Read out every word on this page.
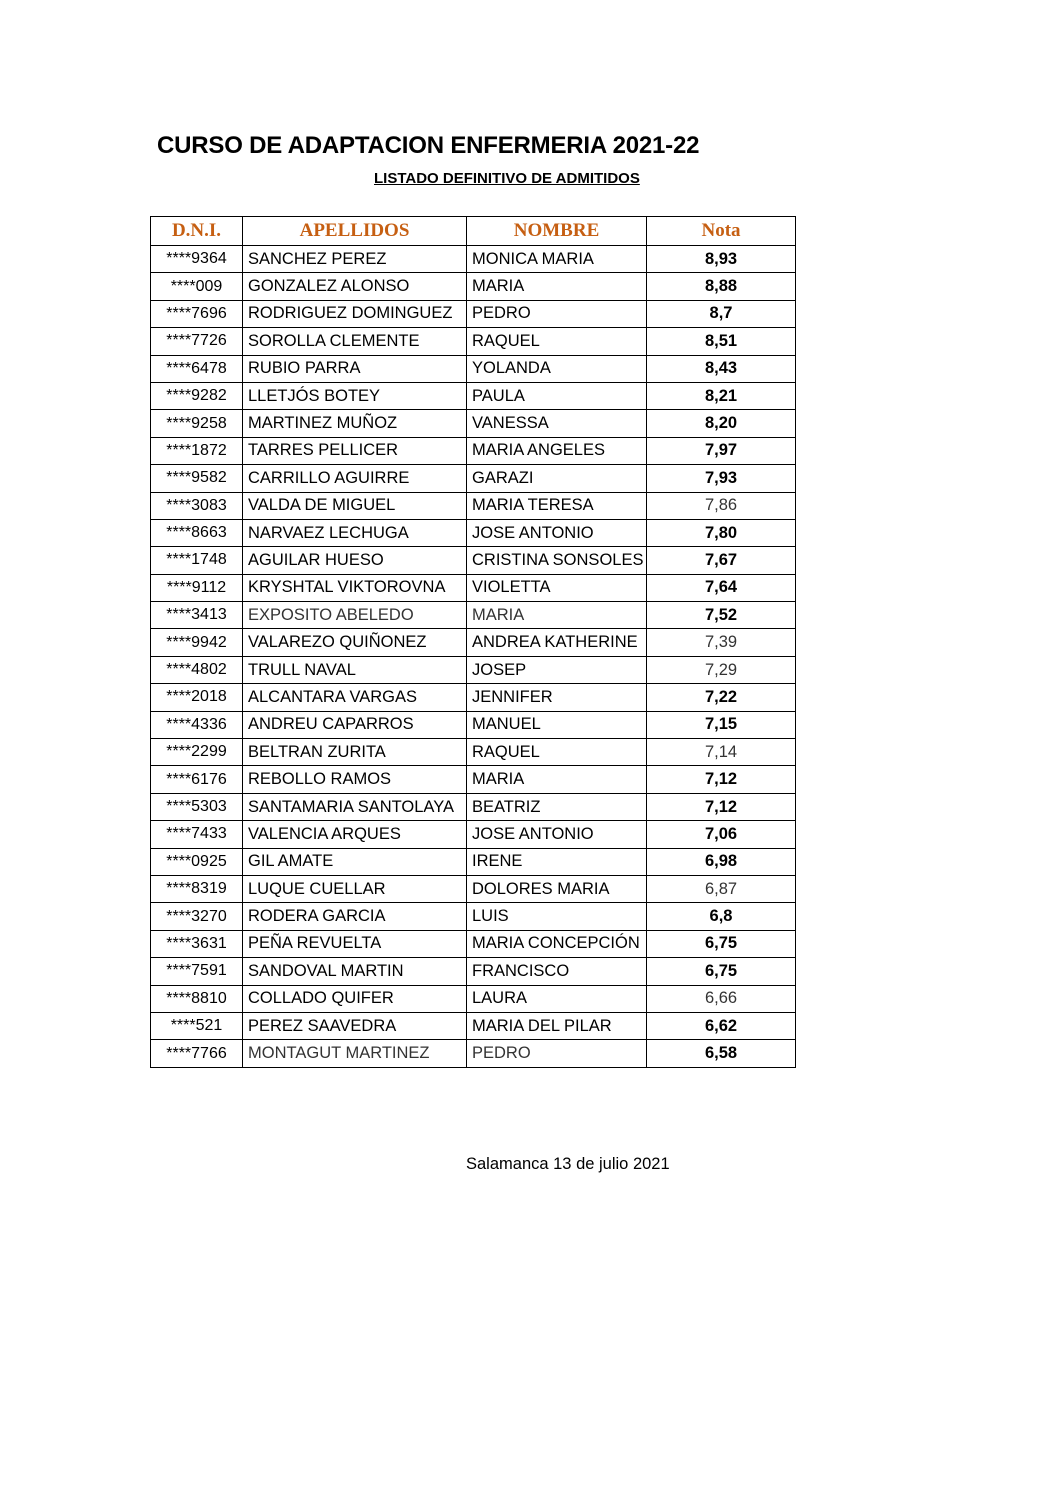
CURSO DE ADAPTACION ENFERMERIA 2021-22
LISTADO DEFINITIVO DE ADMITIDOS
D.N.I.	APELLIDOS	NOMBRE	Nota
****9364	SANCHEZ PEREZ	MONICA MARIA	8,93
****009	GONZALEZ ALONSO	MARIA	8,88
****7696	RODRIGUEZ DOMINGUEZ	PEDRO	8,7
****7726	SOROLLA CLEMENTE	RAQUEL	8,51
****6478	RUBIO PARRA	YOLANDA	8,43
****9282	LLETJÓS BOTEY	PAULA	8,21
****9258	MARTINEZ MUÑOZ	VANESSA	8,20
****1872	TARRES PELLICER	MARIA ANGELES	7,97
****9582	CARRILLO AGUIRRE	GARAZI	7,93
****3083	VALDA DE MIGUEL	MARIA TERESA	7,86
****8663	NARVAEZ LECHUGA	JOSE ANTONIO	7,80
****1748	AGUILAR HUESO	CRISTINA SONSOLES	7,67
****9112	KRYSHTAL VIKTOROVNA	VIOLETTA	7,64
****3413	EXPOSITO ABELEDO	MARIA	7,52
****9942	VALAREZO QUIÑONEZ	ANDREA KATHERINE	7,39
****4802	TRULL NAVAL	JOSEP	7,29
****2018	ALCANTARA VARGAS	JENNIFER	7,22
****4336	ANDREU CAPARROS	MANUEL	7,15
****2299	BELTRAN ZURITA	RAQUEL	7,14
****6176	REBOLLO RAMOS	MARIA	7,12
****5303	SANTAMARIA SANTOLAYA	BEATRIZ	7,12
****7433	VALENCIA ARQUES	JOSE ANTONIO	7,06
****0925	GIL AMATE	IRENE	6,98
****8319	LUQUE CUELLAR	DOLORES MARIA	6,87
****3270	RODERA GARCIA	LUIS	6,8
****3631	PEÑA REVUELTA	MARIA CONCEPCIÓN	6,75
****7591	SANDOVAL MARTIN	FRANCISCO	6,75
****8810	COLLADO QUIFER	LAURA	6,66
****521	PEREZ SAAVEDRA	MARIA DEL PILAR	6,62
****7766	MONTAGUT MARTINEZ	PEDRO	6,58
Salamanca 13 de julio 2021
